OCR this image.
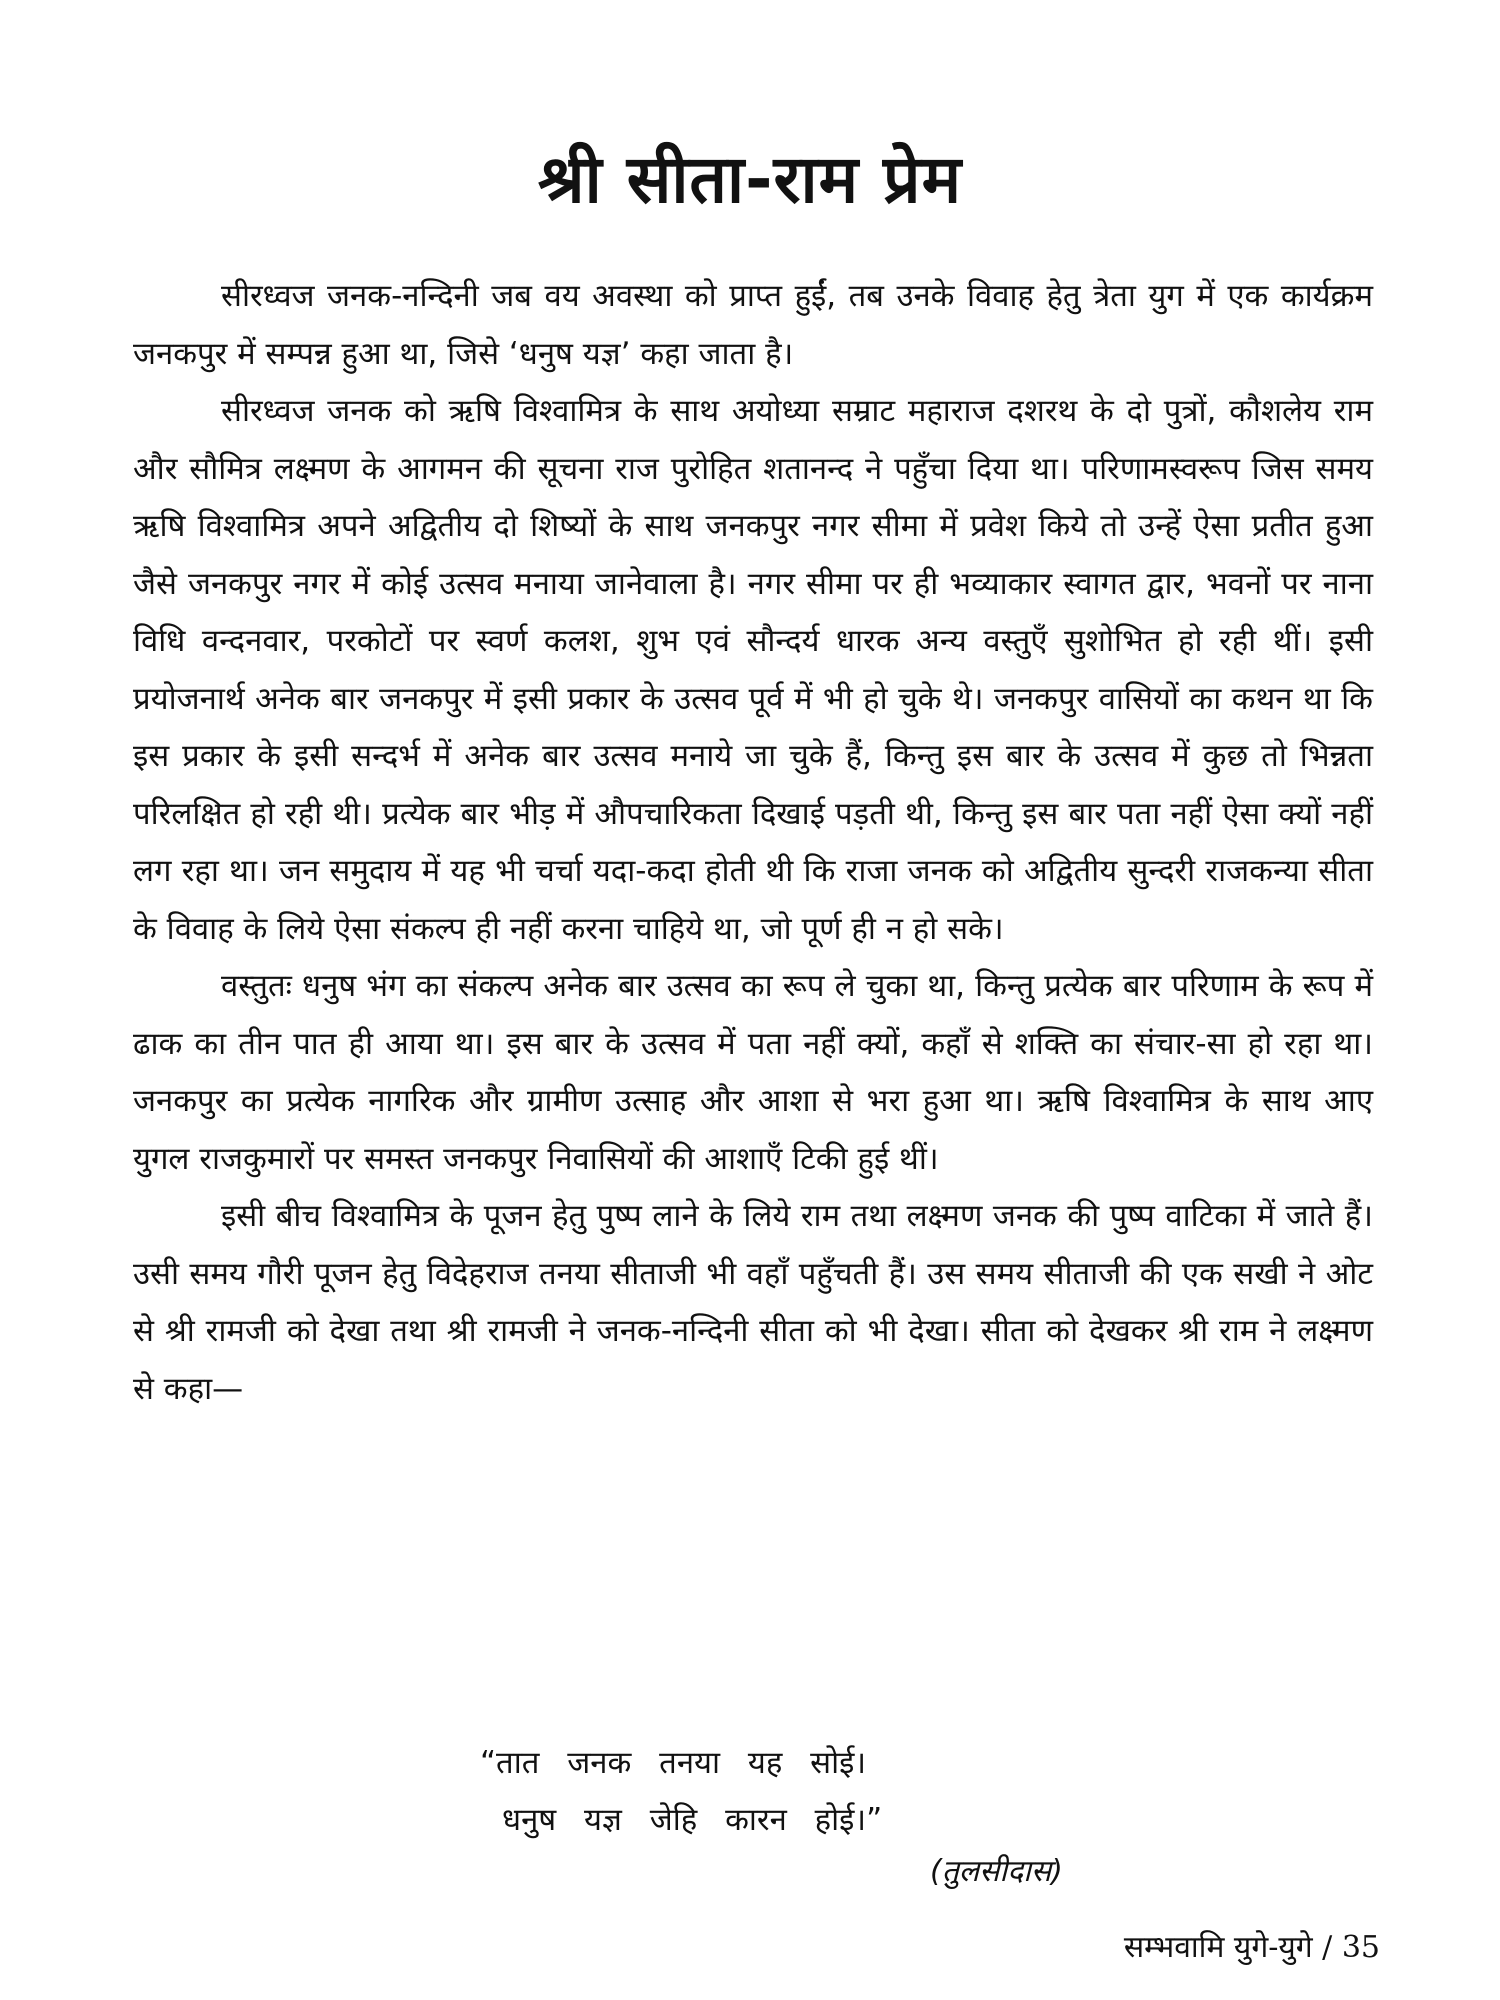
श्री सीता-राम प्रेम

सीरध्वज जनक-नन्दिनी जब वय अवस्था को प्राप्त हुईं, तब उनके विवाह हेतु त्रेता युग में एक कार्यक्रम जनकपुर में सम्पन्न हुआ था, जिसे ‘धनुष यज्ञ’ कहा जाता है।

सीरध्वज जनक को ऋषि विश्वामित्र के साथ अयोध्या सम्राट महाराज दशरथ के दो पुत्रों, कौशलेय राम और सौमित्र लक्ष्मण के आगमन की सूचना राज पुरोहित शतानन्द ने पहुँचा दिया था। परिणामस्वरूप जिस समय ऋषि विश्वामित्र अपने अद्वितीय दो शिष्यों के साथ जनकपुर नगर सीमा में प्रवेश किये तो उन्हें ऐसा प्रतीत हुआ जैसे जनकपुर नगर में कोई उत्सव मनाया जानेवाला है। नगर सीमा पर ही भव्याकार स्वागत द्वार, भवनों पर नाना विधि वन्दनवार, परकोटों पर स्वर्ण कलश, शुभ एवं सौन्दर्य धारक अन्य वस्तुएँ सुशोभित हो रही थीं। इसी प्रयोजनार्थ अनेक बार जनकपुर में इसी प्रकार के उत्सव पूर्व में भी हो चुके थे। जनकपुर वासियों का कथन था कि इस प्रकार के इसी सन्दर्भ में अनेक बार उत्सव मनाये जा चुके हैं, किन्तु इस बार के उत्सव में कुछ तो भिन्नता परिलक्षित हो रही थी। प्रत्येक बार भीड़ में औपचारिकता दिखाई पड़ती थी, किन्तु इस बार पता नहीं ऐसा क्यों नहीं लग रहा था। जन समुदाय में यह भी चर्चा यदा-कदा होती थी कि राजा जनक को अद्वितीय सुन्दरी राजकन्या सीता के विवाह के लिये ऐसा संकल्प ही नहीं करना चाहिये था, जो पूर्ण ही न हो सके।

वस्तुतः धनुष भंग का संकल्प अनेक बार उत्सव का रूप ले चुका था, किन्तु प्रत्येक बार परिणाम के रूप में ढाक का तीन पात ही आया था। इस बार के उत्सव में पता नहीं क्यों, कहाँ से शक्ति का संचार-सा हो रहा था। जनकपुर का प्रत्येक नागरिक और ग्रामीण उत्साह और आशा से भरा हुआ था। ऋषि विश्वामित्र के साथ आए युगल राजकुमारों पर समस्त जनकपुर निवासियों की आशाएँ टिकी हुई थीं।

इसी बीच विश्वामित्र के पूजन हेतु पुष्प लाने के लिये राम तथा लक्ष्मण जनक की पुष्प वाटिका में जाते हैं। उसी समय गौरी पूजन हेतु विदेहराज तनया सीताजी भी वहाँ पहुँचती हैं। उस समय सीताजी की एक सखी ने ओट से श्री रामजी को देखा तथा श्री रामजी ने जनक-नन्दिनी सीता को भी देखा। सीता को देखकर श्री राम ने लक्ष्मण से कहा—

“तात जनक तनया यह सोई।
धनुष यज्ञ जेहि कारन होई।”
(तुलसीदास)
सम्भवामि युगे-युगे / 35
